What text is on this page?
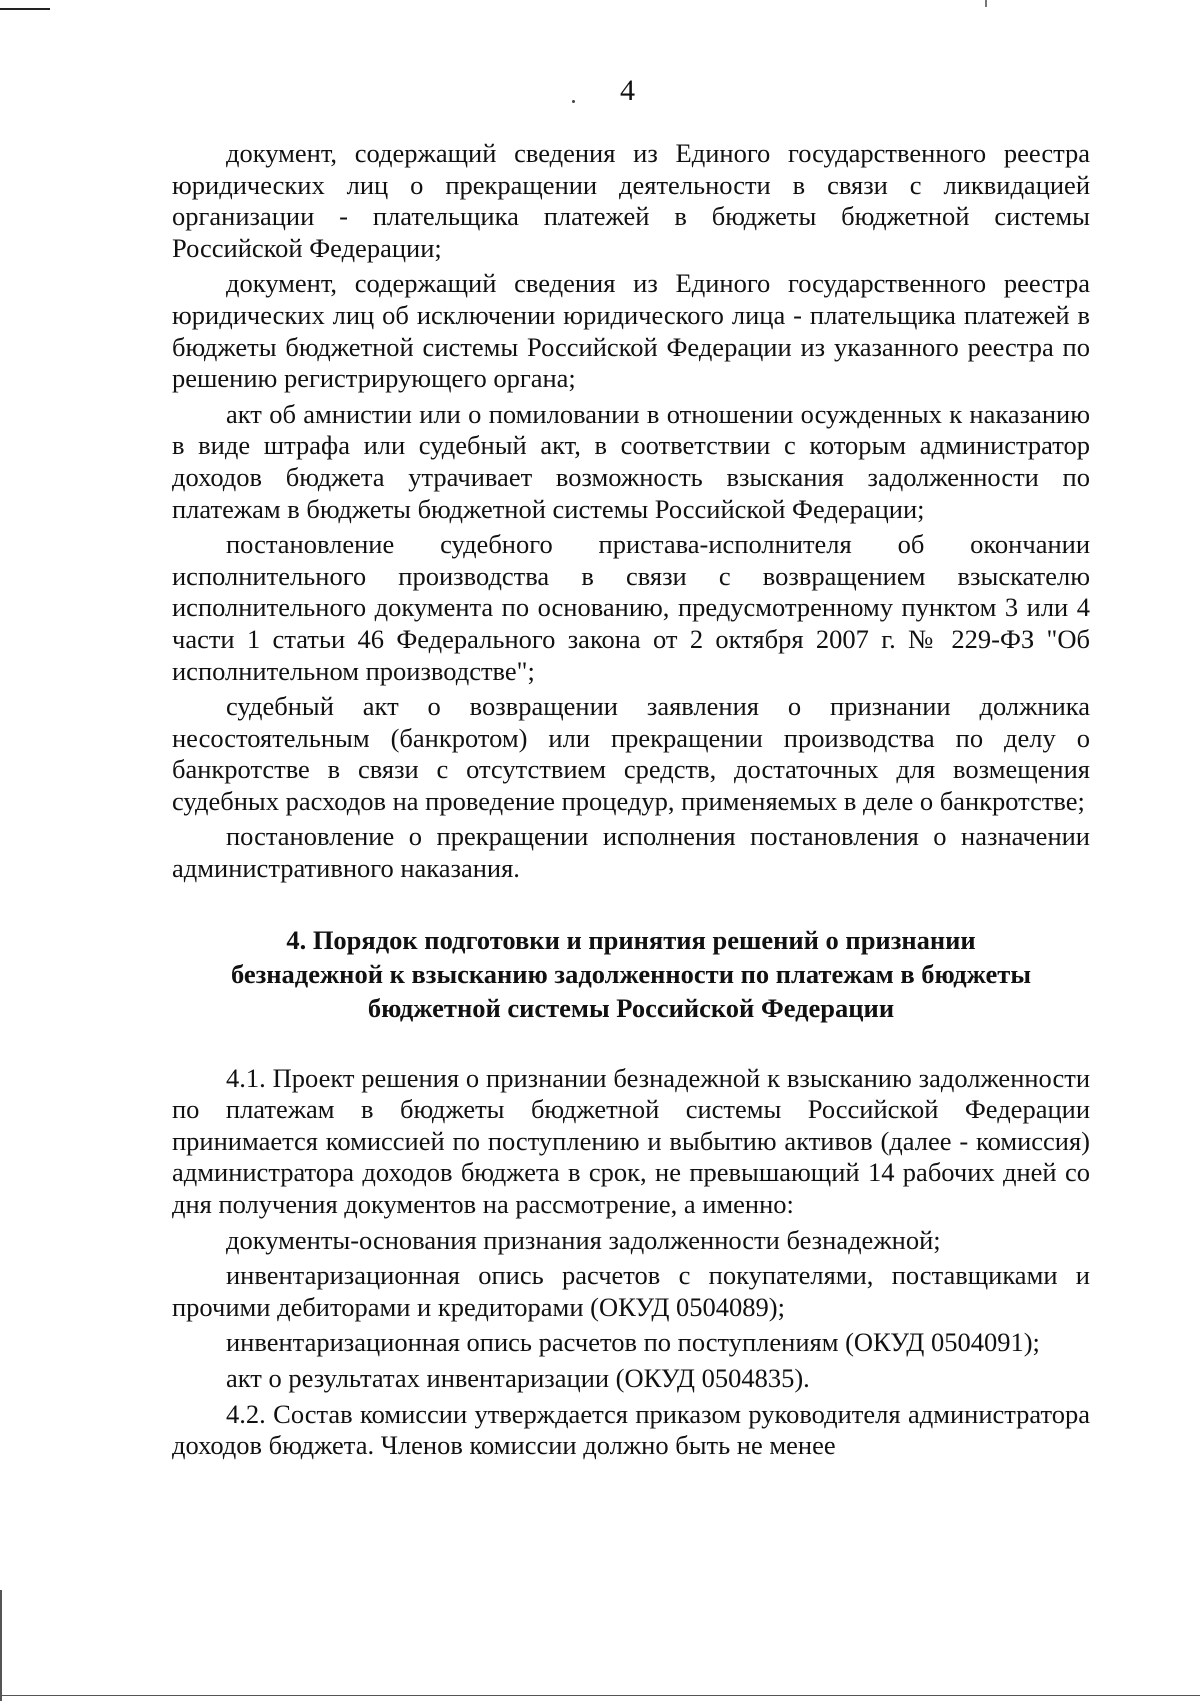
4

документ, содержащий сведения из Единого государственного реестра юридических лиц о прекращении деятельности в связи с ликвидацией организации - плательщика платежей в бюджеты бюджетной системы Российской Федерации;

документ, содержащий сведения из Единого государственного реестра юридических лиц об исключении юридического лица - плательщика платежей в бюджеты бюджетной системы Российской Федерации из указанного реестра по решению регистрирующего органа;

акт об амнистии или о помиловании в отношении осужденных к наказанию в виде штрафа или судебный акт, в соответствии с которым администратор доходов бюджета утрачивает возможность взыскания задолженности по платежам в бюджеты бюджетной системы Российской Федерации;

постановление судебного пристава-исполнителя об окончании исполнительного производства в связи с возвращением взыскателю исполнительного документа по основанию, предусмотренному пунктом 3 или 4 части 1 статьи 46 Федерального закона от 2 октября 2007 г. № 229-ФЗ "Об исполнительном производстве";

судебный акт о возвращении заявления о признании должника несостоятельным (банкротом) или прекращении производства по делу о банкротстве в связи с отсутствием средств, достаточных для возмещения судебных расходов на проведение процедур, применяемых в деле о банкротстве;

постановление о прекращении исполнения постановления о назначении административного наказания.

4. Порядок подготовки и принятия решений о признании
безнадежной к взысканию задолженности по платежам в бюджеты
бюджетной системы Российской Федерации

4.1. Проект решения о признании безнадежной к взысканию задолженности по платежам в бюджеты бюджетной системы Российской Федерации принимается комиссией по поступлению и выбытию активов (далее - комиссия) администратора доходов бюджета в срок, не превышающий 14 рабочих дней со дня получения документов на рассмотрение, а именно:

документы-основания признания задолженности безнадежной;

инвентаризационная опись расчетов с покупателями, поставщиками и прочими дебиторами и кредиторами (ОКУД 0504089);

инвентаризационная опись расчетов по поступлениям (ОКУД 0504091);

акт о результатах инвентаризации (ОКУД 0504835).

4.2. Состав комиссии утверждается приказом руководителя администратора доходов бюджета. Членов комиссии должно быть не менее
